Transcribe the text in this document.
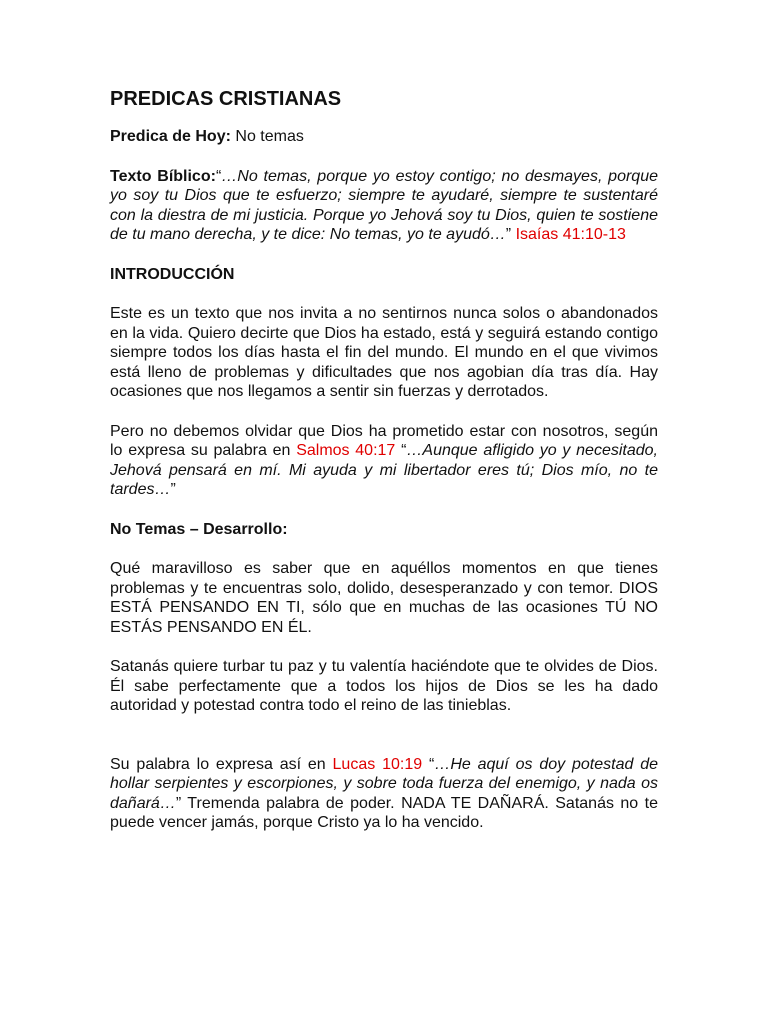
PREDICAS CRISTIANAS

Predica de Hoy: No temas

Texto Bíblico:“…No temas, porque yo estoy contigo; no desmayes, porque yo soy tu Dios que te esfuerzo; siempre te ayudaré, siempre te sustentaré con la diestra de mi justicia. Porque yo Jehová soy tu Dios, quien te sostiene de tu mano derecha, y te dice: No temas, yo te ayudó…” Isaías 41:10-13

INTRODUCCIÓN

Este es un texto que nos invita a no sentirnos nunca solos o abandonados en la vida. Quiero decirte que Dios ha estado, está y seguirá estando contigo siempre todos los días hasta el fin del mundo. El mundo en el que vivimos está lleno de problemas y dificultades que nos agobian día tras día. Hay ocasiones que nos llegamos a sentir sin fuerzas y derrotados.

Pero no debemos olvidar que Dios ha prometido estar con nosotros, según lo expresa su palabra en Salmos 40:17 “…Aunque afligido yo y necesitado, Jehová pensará en mí. Mi ayuda y mi libertador eres tú; Dios mío, no te tardes…”

No Temas – Desarrollo:

Qué maravilloso es saber que en aquéllos momentos en que tienes problemas y te encuentras solo, dolido, desesperanzado y con temor. DIOS ESTÁ PENSANDO EN TI, sólo que en muchas de las ocasiones TÚ NO ESTÁS PENSANDO EN ÉL.

Satanás quiere turbar tu paz y tu valentía haciéndote que te olvides de Dios. Él sabe perfectamente que a todos los hijos de Dios se les ha dado autoridad y potestad contra todo el reino de las tinieblas.

Su palabra lo expresa así en Lucas 10:19 “…He aquí os doy potestad de hollar serpientes y escorpiones, y sobre toda fuerza del enemigo, y nada os dañará…” Tremenda palabra de poder. NADA TE DAÑARÁ. Satanás no te puede vencer jamás, porque Cristo ya lo ha vencido.
